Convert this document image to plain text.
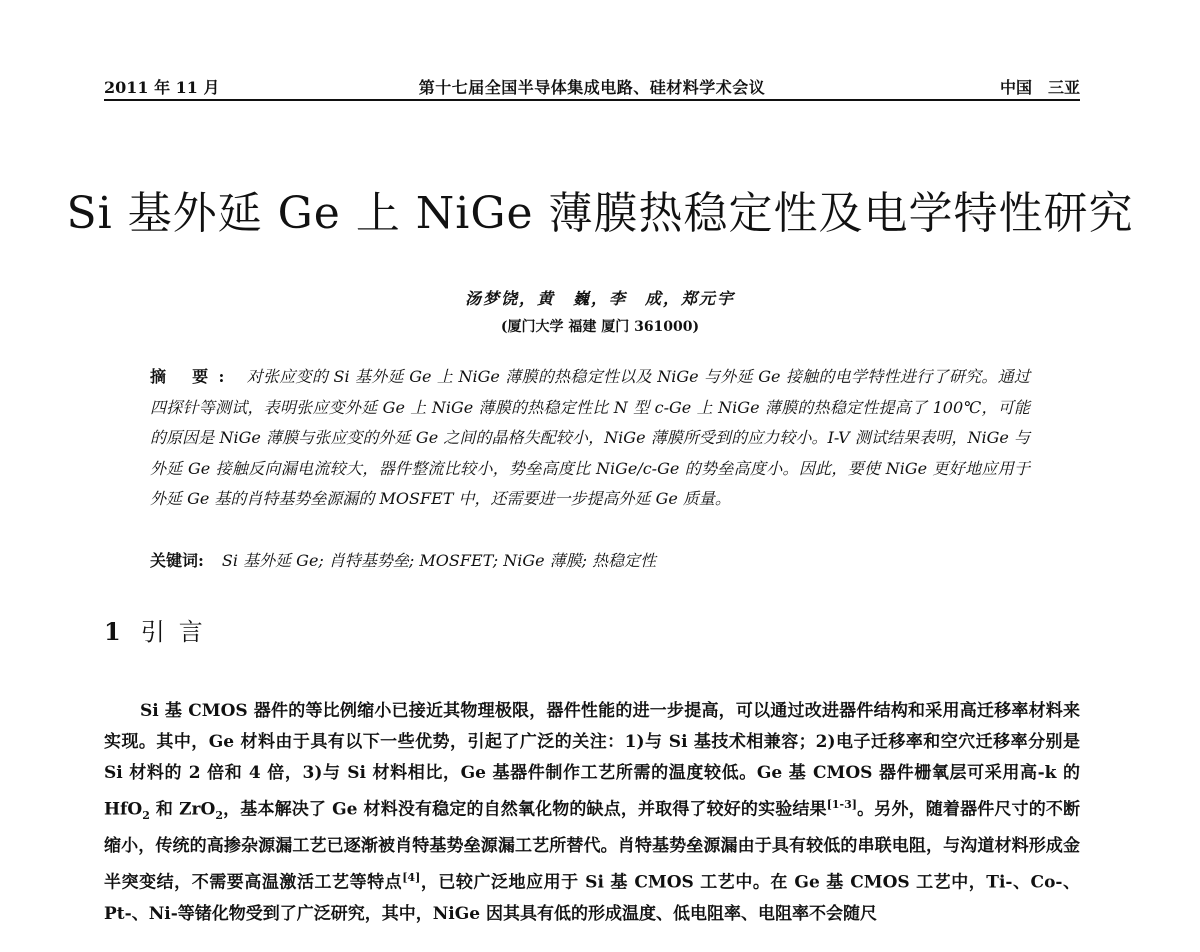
2011 年 11 月	第十七届全国半导体集成电路、硅材料学术会议	中国　三亚
Si 基外延 Ge 上 NiGe 薄膜热稳定性及电学特性研究
汤梦饶，黄　巍，李　成，郑元宇
(厦门大学 福建 厦门 361000)
摘 要: 对张应变的 Si 基外延 Ge 上 NiGe 薄膜的热稳定性以及 NiGe 与外延 Ge 接触的电学特性进行了研究。通过四探针等测试，表明张应变外延 Ge 上 NiGe 薄膜的热稳定性比 N 型 c-Ge 上 NiGe 薄膜的热稳定性提高了 100℃，可能的原因是 NiGe 薄膜与张应变的外延 Ge 之间的晶格失配较小，NiGe 薄膜所受到的应力较小。I-V 测试结果表明，NiGe 与外延 Ge 接触反向漏电流较大，器件整流比较小，势垒高度比 NiGe/c-Ge 的势垒高度小。因此，要使 NiGe 更好地应用于外延 Ge 基的肖特基势垒源漏的 MOSFET 中，还需要进一步提高外延 Ge 质量。
关键词: Si 基外延 Ge; 肖特基势垒; MOSFET; NiGe 薄膜; 热稳定性
1 引言

Si 基 CMOS 器件的等比例缩小已接近其物理极限，器件性能的进一步提高，可以通过改进器件结构和采用高迁移率材料来实现。其中，Ge 材料由于具有以下一些优势，引起了广泛的关注：1)与 Si 基技术相兼容；2)电子迁移率和空穴迁移率分别是 Si 材料的 2 倍和 4 倍，3)与 Si 材料相比，Ge 基器件制作工艺所需的温度较低。Ge 基 CMOS 器件栅氧层可采用高-k 的 HfO$_2$ 和 ZrO$_2$，基本解决了 Ge 材料没有稳定的自然氧化物的缺点，并取得了较好的实验结果[1-3]。另外，随着器件尺寸的不断缩小，传统的高掺杂源漏工艺已逐渐被肖特基势垒源漏工艺所替代。肖特基势垒源漏由于具有较低的串联电阻，与沟道材料形成金半突变结，不需要高温激活工艺等特点[4]，已较广泛地应用于 Si 基 CMOS 工艺中。在 Ge 基 CMOS 工艺中，Ti-、Co-、Pt-、Ni-等锗化物受到了广泛研究，其中，NiGe 因其具有低的形成温度、低电阻率、电阻率不会随尺
